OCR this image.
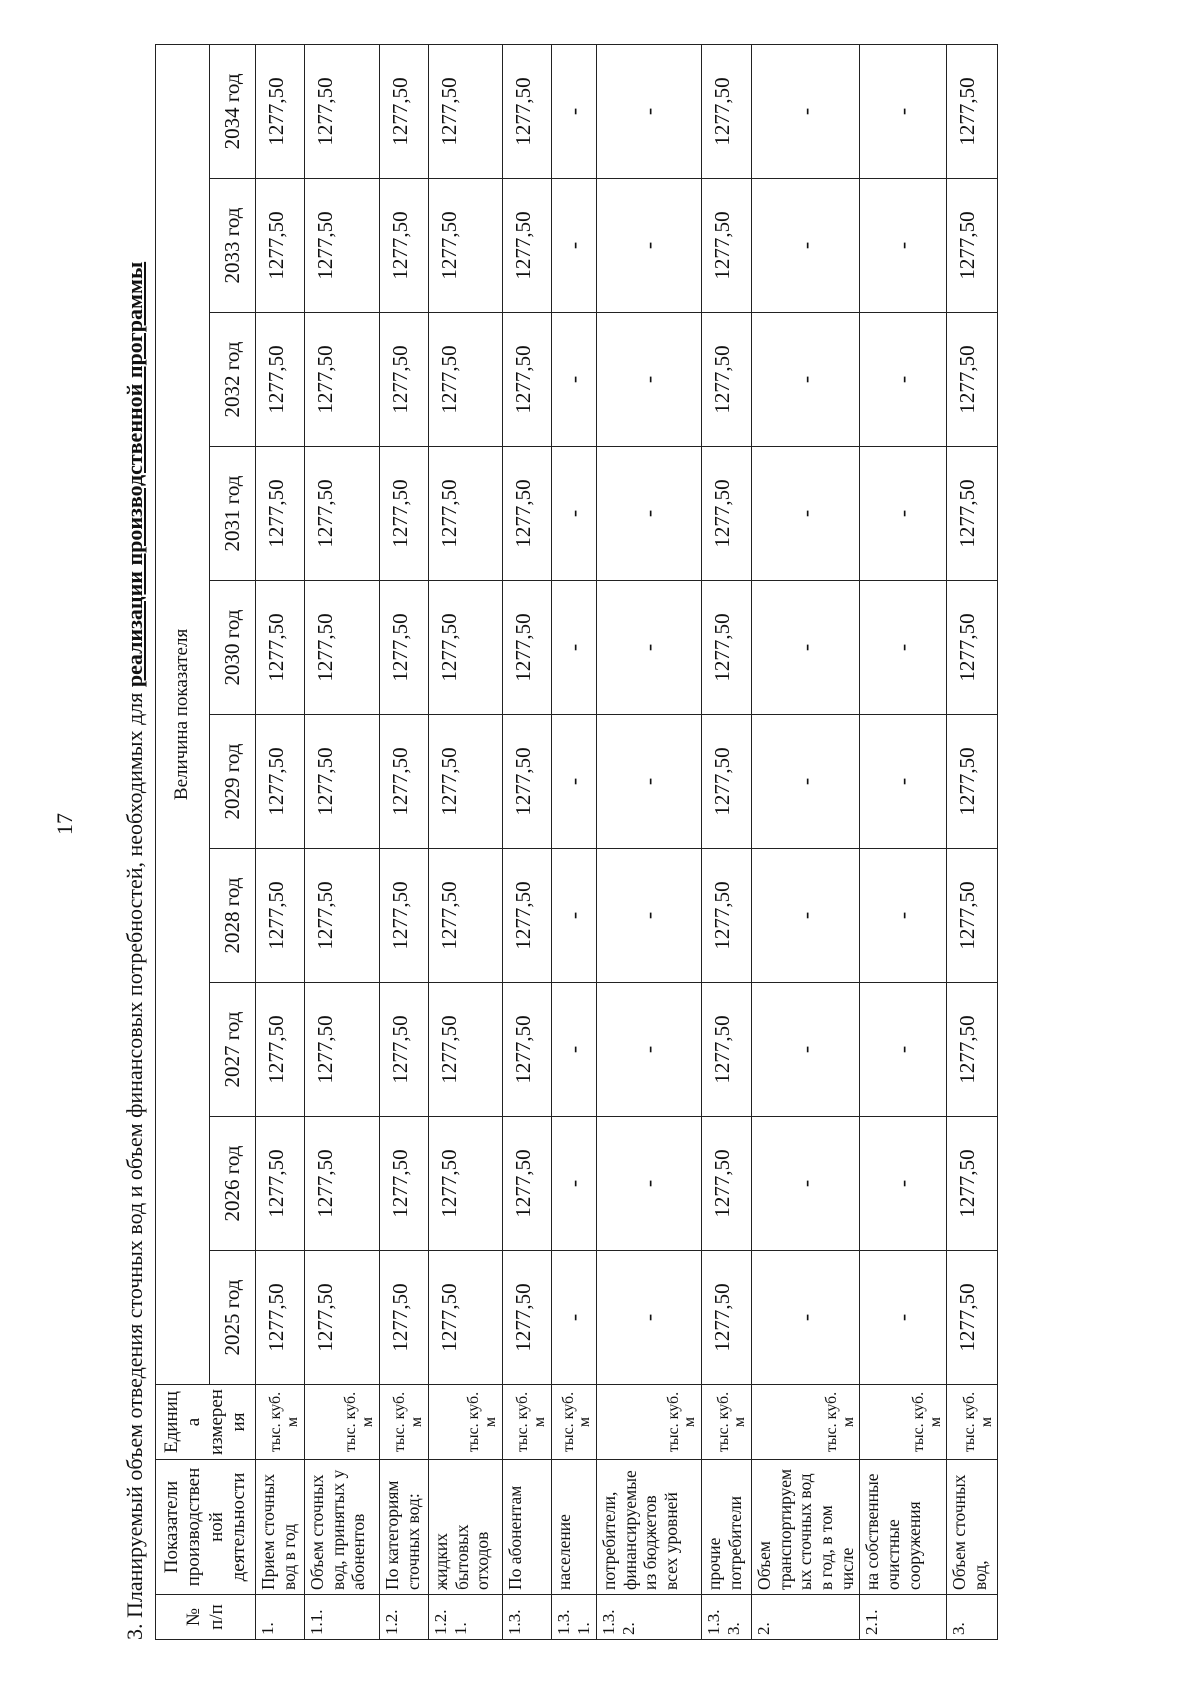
17	3. Планируемый объем отведения сточных вод и объем финансовых потребностей, необходимых для реализации производственной программы
№ п/п	Показатели производственной деятельности	Единица измерения	Величина показателя									
			2025 год	2026 год	2027 год	2028 год	2029 год	2030 год	2031 год	2032 год	2033 год	2034 год
1.	Прием сточных вод в год	тыс. куб. м	1277,50	1277,50	1277,50	1277,50	1277,50	1277,50	1277,50	1277,50	1277,50	1277,50
1.1.	Объем сточных вод, принятых у абонентов	тыс. куб. м	1277,50	1277,50	1277,50	1277,50	1277,50	1277,50	1277,50	1277,50	1277,50	1277,50
1.2.	По категориям сточных вод:	тыс. куб. м	1277,50	1277,50	1277,50	1277,50	1277,50	1277,50	1277,50	1277,50	1277,50	1277,50
1.2. 1.	жидких бытовых отходов	тыс. куб. м	1277,50	1277,50	1277,50	1277,50	1277,50	1277,50	1277,50	1277,50	1277,50	1277,50
1.3.	По абонентам	тыс. куб. м	1277,50	1277,50	1277,50	1277,50	1277,50	1277,50	1277,50	1277,50	1277,50	1277,50
1.3. 1.	население	тыс. куб. м	-	-	-	-	-	-	-	-	-	-
1.3. 2.	потребители, финансируемые из бюджетов всех уровней	тыс. куб. м	-	-	-	-	-	-	-	-	-	-
1.3. 3.	прочие потребители	тыс. куб. м	1277,50	1277,50	1277,50	1277,50	1277,50	1277,50	1277,50	1277,50	1277,50	1277,50
2.	Объем транспортируемых сточных вод в год, в том числе	тыс. куб. м	-	-	-	-	-	-	-	-	-	-
2.1.	на собственные очистные сооружения	тыс. куб. м	-	-	-	-	-	-	-	-	-	-
3.	Объем сточных вод,	тыс. куб. м	1277,50	1277,50	1277,50	1277,50	1277,50	1277,50	1277,50	1277,50	1277,50	1277,50
